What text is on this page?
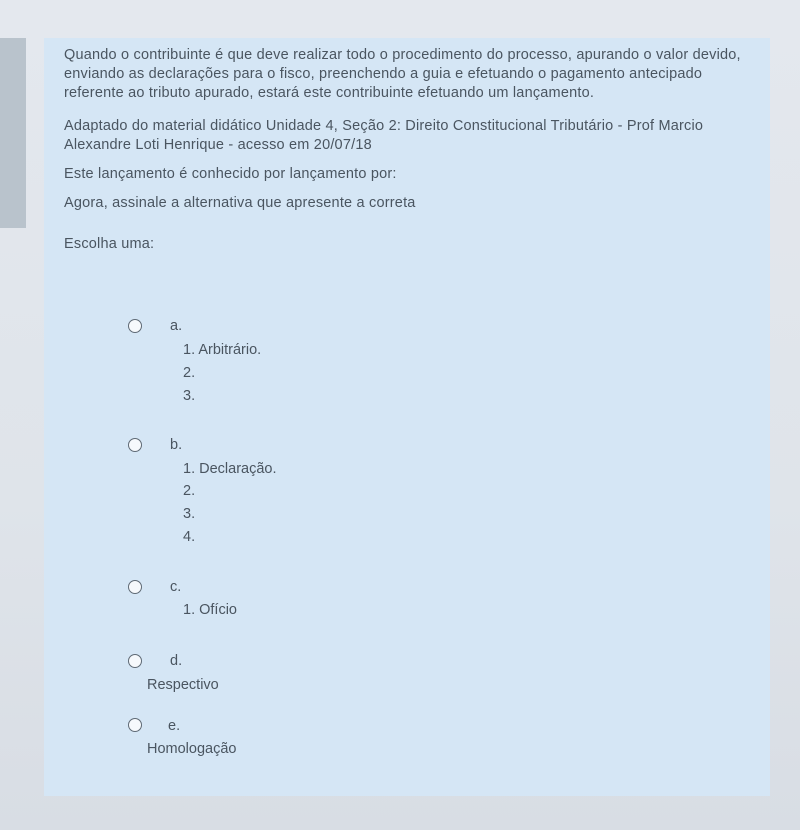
Quando o contribuinte é que deve realizar todo o procedimento do processo, apurando o valor devido, enviando as declarações para o fisco, preenchendo a guia e efetuando o pagamento antecipado referente ao tributo apurado, estará este contribuinte efetuando um lançamento.

Adaptado do material didático Unidade 4, Seção 2: Direito Constitucional Tributário - Prof Marcio Alexandre Loti Henrique - acesso em 20/07/18

Este lançamento é conhecido por lançamento por:

Agora, assinale a alternativa que apresente a correta

Escolha uma:

a.
1. Arbitrário.
2.
3.
b.
1. Declaração.
2.
3.
4.
c.
1. Ofício
d.
Respectivo
e.
Homologação
